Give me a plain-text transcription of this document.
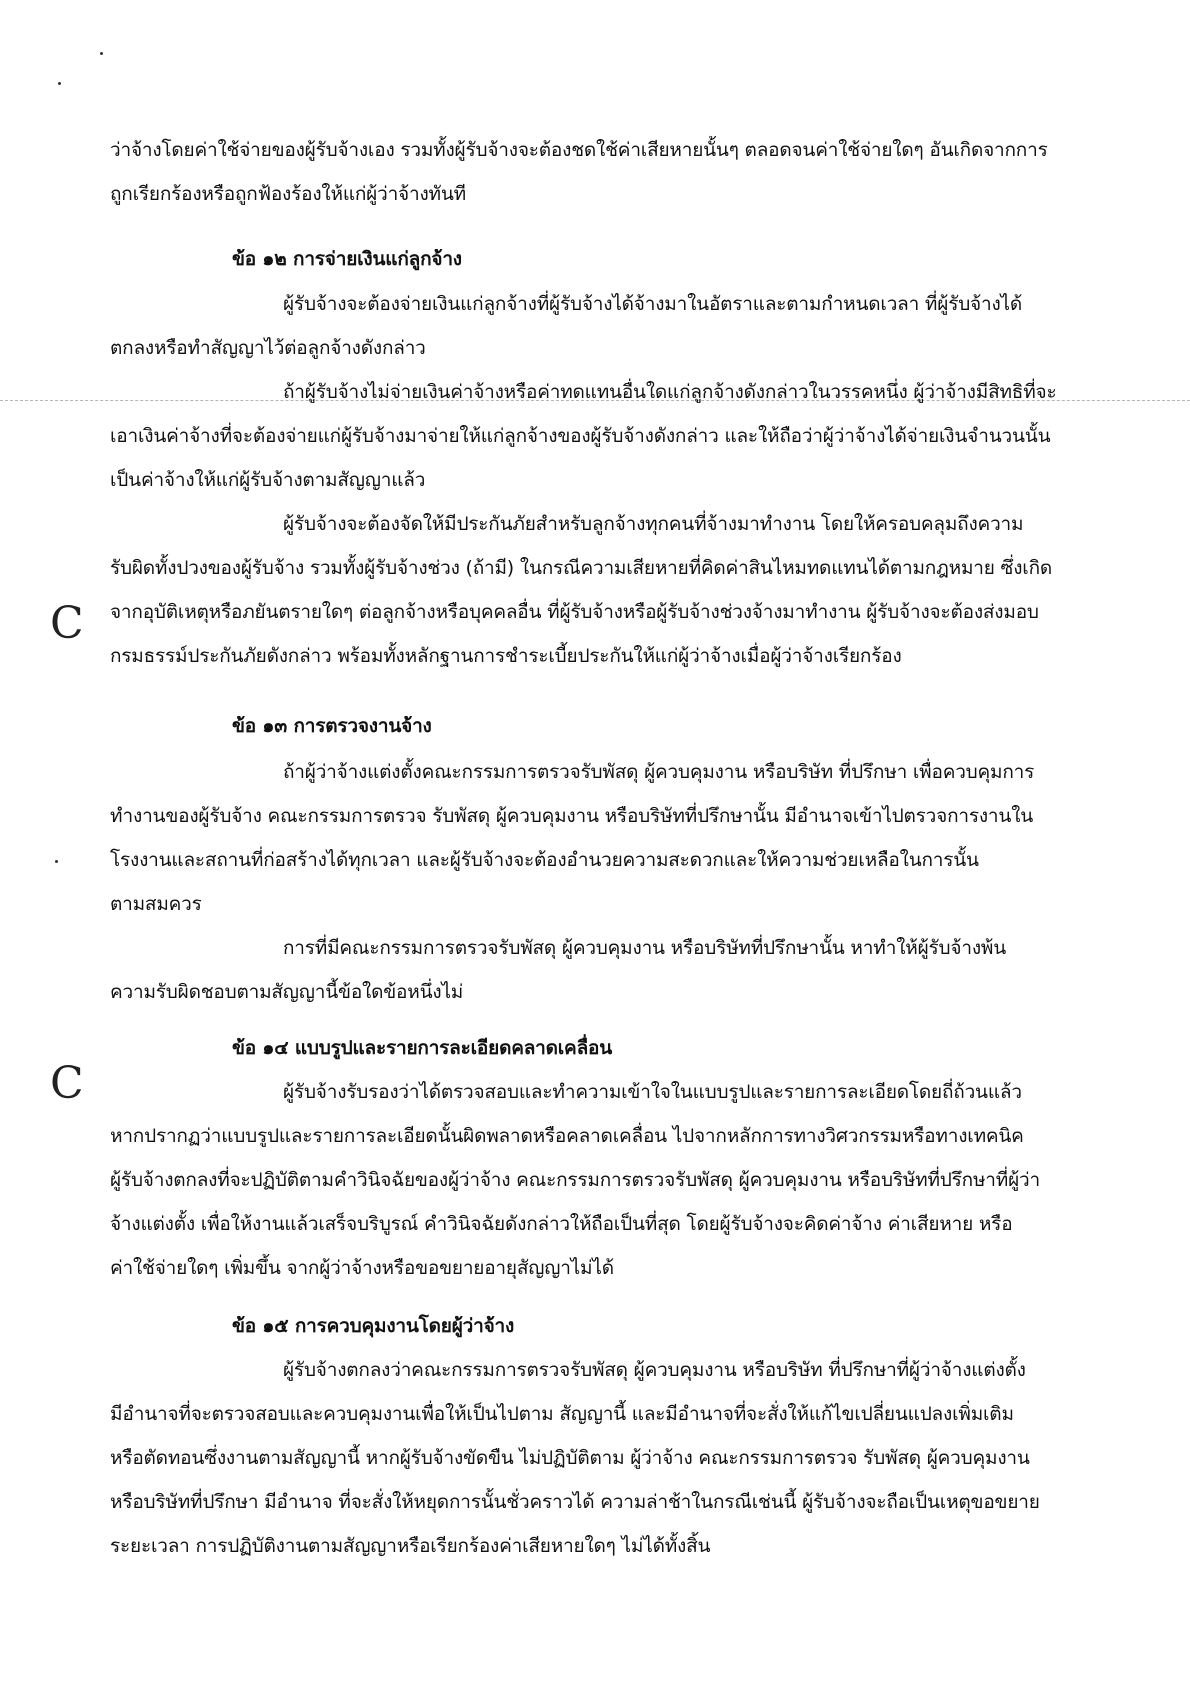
C
C

ว่าจ้างโดยค่าใช้จ่ายของผู้รับจ้างเอง รวมทั้งผู้รับจ้างจะต้องชดใช้ค่าเสียหายนั้นๆ ตลอดจนค่าใช้จ่ายใดๆ อันเกิดจากการ

ถูกเรียกร้องหรือถูกฟ้องร้องให้แก่ผู้ว่าจ้างทันที

ข้อ ๑๒ การจ่ายเงินแก่ลูกจ้าง

ผู้รับจ้างจะต้องจ่ายเงินแก่ลูกจ้างที่ผู้รับจ้างได้จ้างมาในอัตราและตามกำหนดเวลา ที่ผู้รับจ้างได้

ตกลงหรือทำสัญญาไว้ต่อลูกจ้างดังกล่าว

ถ้าผู้รับจ้างไม่จ่ายเงินค่าจ้างหรือค่าทดแทนอื่นใดแก่ลูกจ้างดังกล่าวในวรรคหนึ่ง ผู้ว่าจ้างมีสิทธิที่จะ

เอาเงินค่าจ้างที่จะต้องจ่ายแก่ผู้รับจ้างมาจ่ายให้แก่ลูกจ้างของผู้รับจ้างดังกล่าว และให้ถือว่าผู้ว่าจ้างได้จ่ายเงินจำนวนนั้น

เป็นค่าจ้างให้แก่ผู้รับจ้างตามสัญญาแล้ว

ผู้รับจ้างจะต้องจัดให้มีประกันภัยสำหรับลูกจ้างทุกคนที่จ้างมาทำงาน โดยให้ครอบคลุมถึงความ

รับผิดทั้งปวงของผู้รับจ้าง รวมทั้งผู้รับจ้างช่วง (ถ้ามี) ในกรณีความเสียหายที่คิดค่าสินไหมทดแทนได้ตามกฎหมาย ซึ่งเกิด

จากอุบัติเหตุหรือภยันตรายใดๆ ต่อลูกจ้างหรือบุคคลอื่น ที่ผู้รับจ้างหรือผู้รับจ้างช่วงจ้างมาทำงาน ผู้รับจ้างจะต้องส่งมอบ

กรมธรรม์ประกันภัยดังกล่าว พร้อมทั้งหลักฐานการชำระเบี้ยประกันให้แก่ผู้ว่าจ้างเมื่อผู้ว่าจ้างเรียกร้อง

ข้อ ๑๓ การตรวจงานจ้าง

ถ้าผู้ว่าจ้างแต่งตั้งคณะกรรมการตรวจรับพัสดุ ผู้ควบคุมงาน หรือบริษัท ที่ปรึกษา เพื่อควบคุมการ

ทำงานของผู้รับจ้าง คณะกรรมการตรวจ รับพัสดุ ผู้ควบคุมงาน หรือบริษัทที่ปรึกษานั้น มีอำนาจเข้าไปตรวจการงานใน

โรงงานและสถานที่ก่อสร้างได้ทุกเวลา และผู้รับจ้างจะต้องอำนวยความสะดวกและให้ความช่วยเหลือในการนั้น

ตามสมควร

การที่มีคณะกรรมการตรวจรับพัสดุ ผู้ควบคุมงาน หรือบริษัทที่ปรึกษานั้น หาทำให้ผู้รับจ้างพ้น

ความรับผิดชอบตามสัญญานี้ข้อใดข้อหนึ่งไม่

ข้อ ๑๔ แบบรูปและรายการละเอียดคลาดเคลื่อน

ผู้รับจ้างรับรองว่าได้ตรวจสอบและทำความเข้าใจในแบบรูปและรายการละเอียดโดยถี่ถ้วนแล้ว

หากปรากฏว่าแบบรูปและรายการละเอียดนั้นผิดพลาดหรือคลาดเคลื่อน ไปจากหลักการทางวิศวกรรมหรือทางเทคนิค

ผู้รับจ้างตกลงที่จะปฏิบัติตามคำวินิจฉัยของผู้ว่าจ้าง คณะกรรมการตรวจรับพัสดุ ผู้ควบคุมงาน หรือบริษัทที่ปรึกษาที่ผู้ว่า

จ้างแต่งตั้ง เพื่อให้งานแล้วเสร็จบริบูรณ์ คำวินิจฉัยดังกล่าวให้ถือเป็นที่สุด โดยผู้รับจ้างจะคิดค่าจ้าง ค่าเสียหาย หรือ

ค่าใช้จ่ายใดๆ เพิ่มขึ้น จากผู้ว่าจ้างหรือขอขยายอายุสัญญาไม่ได้

ข้อ ๑๕ การควบคุมงานโดยผู้ว่าจ้าง

ผู้รับจ้างตกลงว่าคณะกรรมการตรวจรับพัสดุ ผู้ควบคุมงาน หรือบริษัท ที่ปรึกษาที่ผู้ว่าจ้างแต่งตั้ง

มีอำนาจที่จะตรวจสอบและควบคุมงานเพื่อให้เป็นไปตาม สัญญานี้ และมีอำนาจที่จะสั่งให้แก้ไขเปลี่ยนแปลงเพิ่มเติม

หรือตัดทอนซึ่งงานตามสัญญานี้ หากผู้รับจ้างขัดขืน ไม่ปฏิบัติตาม ผู้ว่าจ้าง คณะกรรมการตรวจ รับพัสดุ ผู้ควบคุมงาน

หรือบริษัทที่ปรึกษา มีอำนาจ ที่จะสั่งให้หยุดการนั้นชั่วคราวได้ ความล่าช้าในกรณีเช่นนี้ ผู้รับจ้างจะถือเป็นเหตุขอขยาย

ระยะเวลา การปฏิบัติงานตามสัญญาหรือเรียกร้องค่าเสียหายใดๆ ไม่ได้ทั้งสิ้น
